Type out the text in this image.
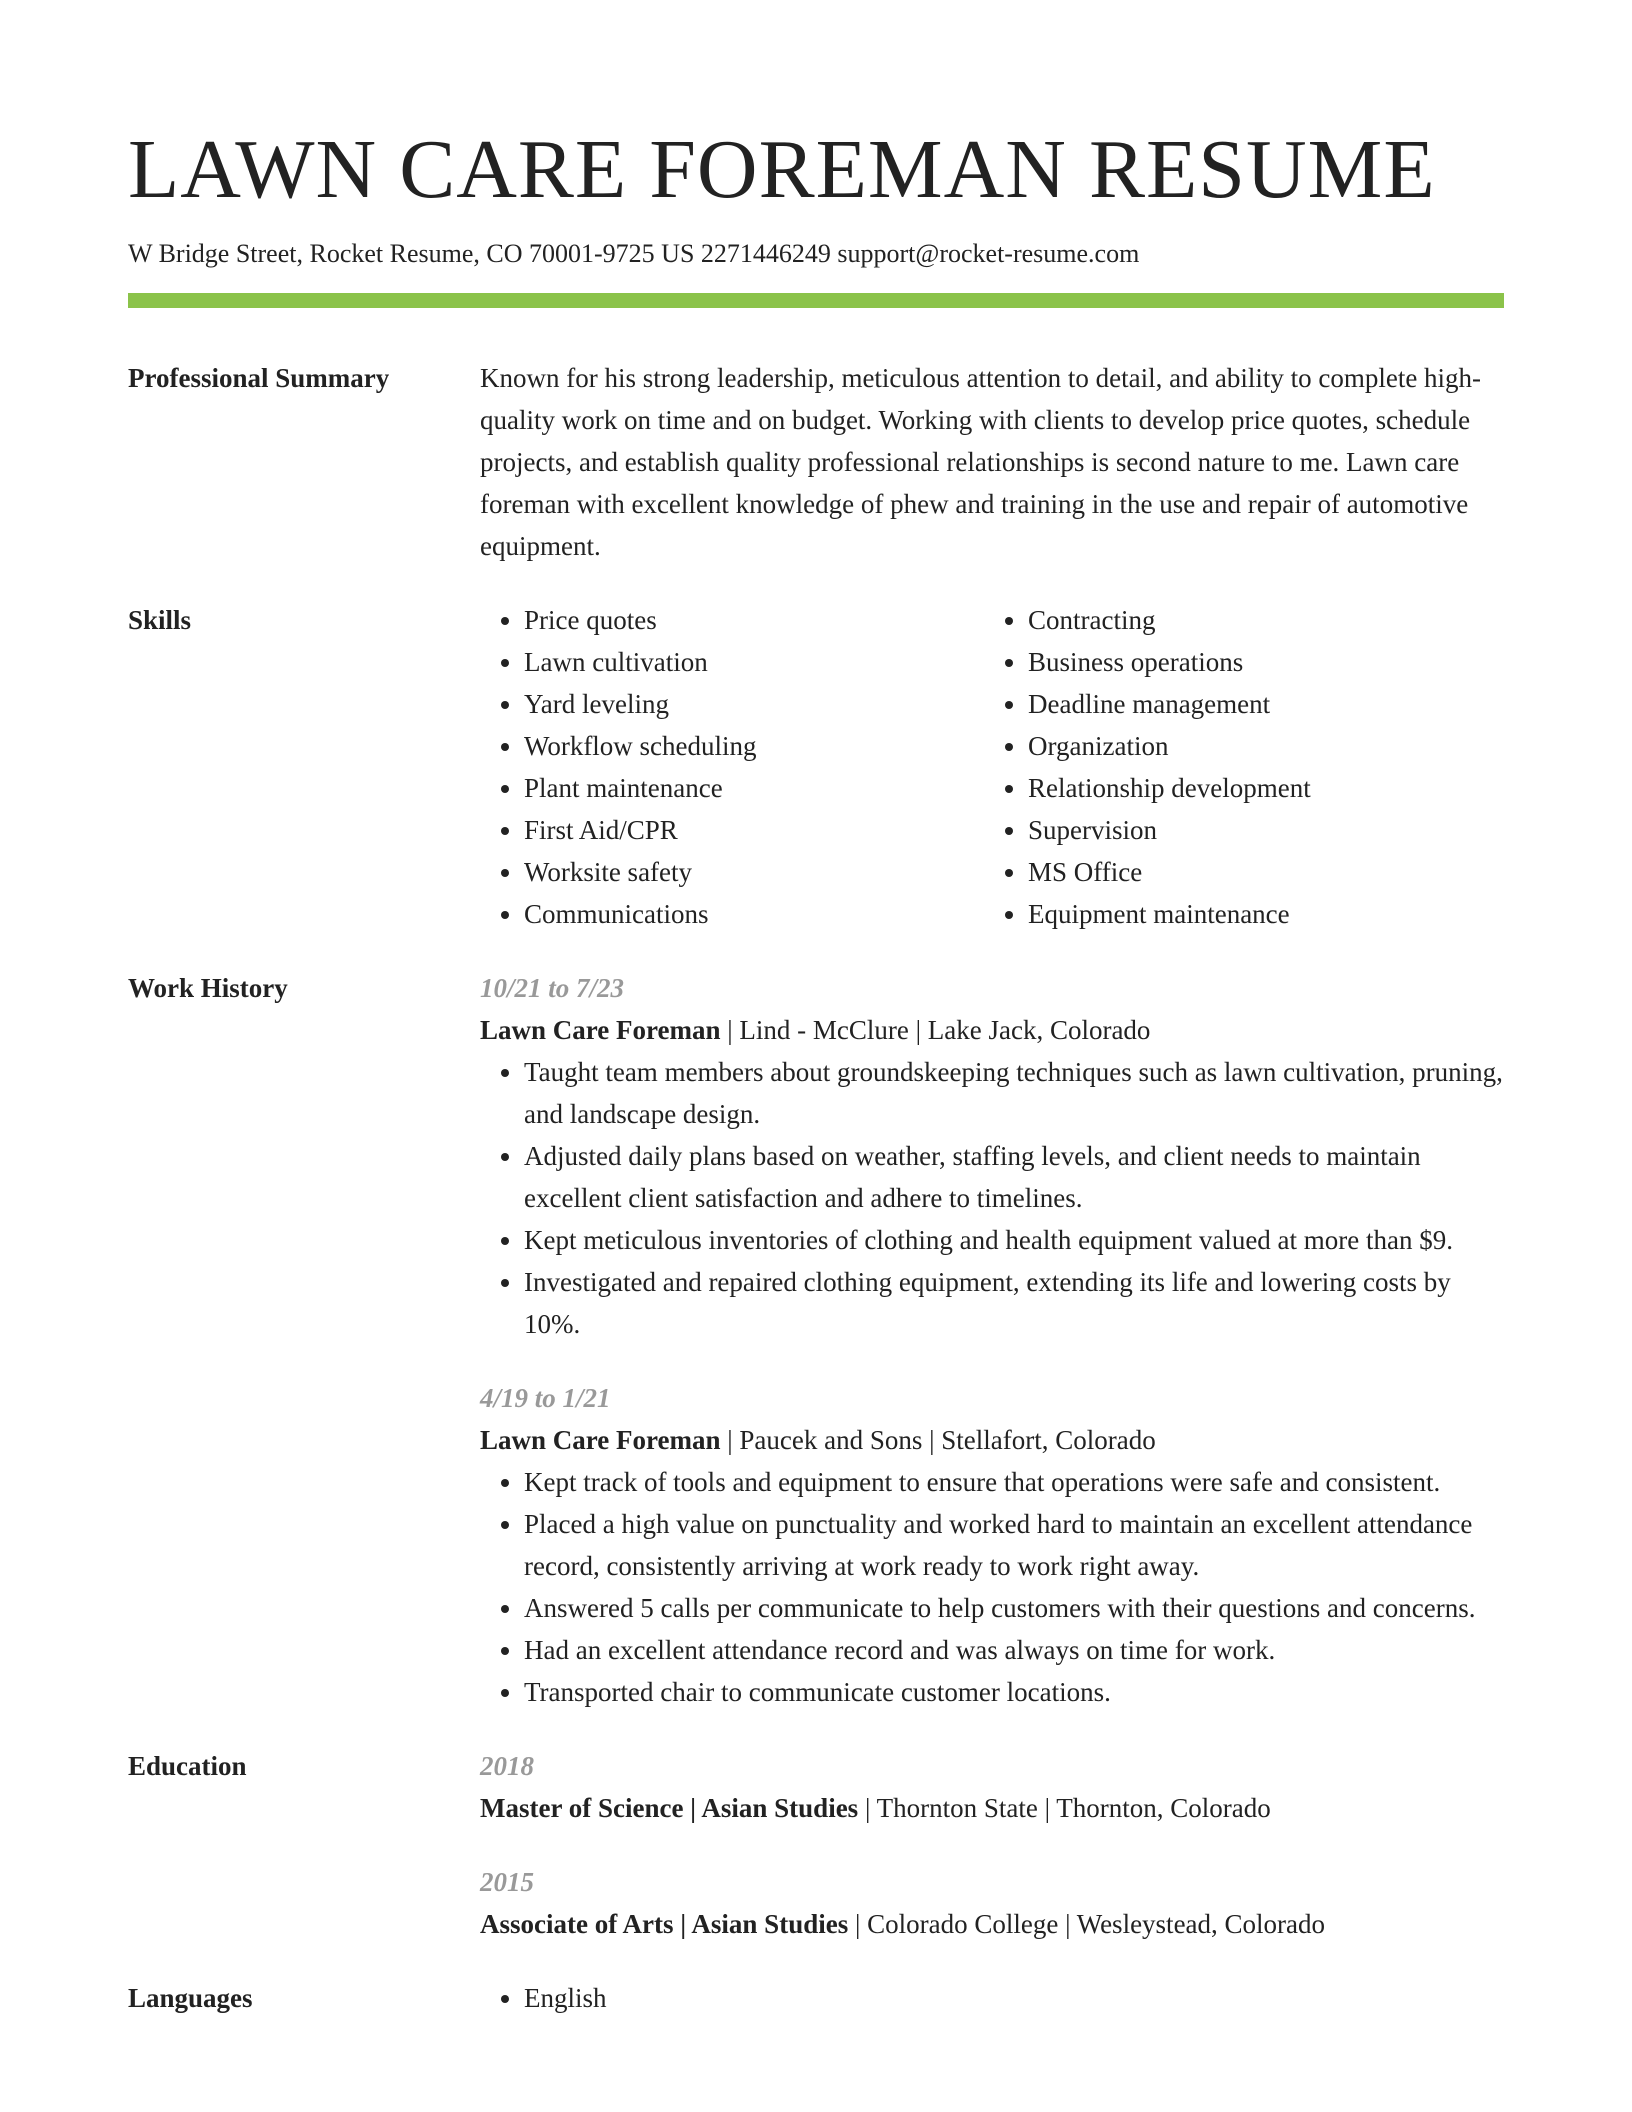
LAWN CARE FOREMAN RESUME
W Bridge Street, Rocket Resume, CO 70001-9725 US 2271446249 support@rocket-resume.com
Professional Summary	Known for his strong leadership, meticulous attention to detail, and ability to complete high-quality work on time and on budget. Working with clients to develop price quotes, schedule projects, and establish quality professional relationships is second nature to me. Lawn care foreman with excellent knowledge of phew and training in the use and repair of automotive equipment.
Skills	• Price quotes
• Lawn cultivation
• Yard leveling
• Workflow scheduling
• Plant maintenance
• First Aid/CPR
• Worksite safety
• Communications
• Contracting
• Business operations
• Deadline management
• Organization
• Relationship development
• Supervision
• MS Office
• Equipment maintenance
Work History	10/21 to 7/23
Lawn Care Foreman | Lind - McClure | Lake Jack, Colorado
• Taught team members about groundskeeping techniques such as lawn cultivation, pruning, and landscape design.
• Adjusted daily plans based on weather, staffing levels, and client needs to maintain excellent client satisfaction and adhere to timelines.
• Kept meticulous inventories of clothing and health equipment valued at more than $9.
• Investigated and repaired clothing equipment, extending its life and lowering costs by 10%.
4/19 to 1/21
Lawn Care Foreman | Paucek and Sons | Stellafort, Colorado
• Kept track of tools and equipment to ensure that operations were safe and consistent.
• Placed a high value on punctuality and worked hard to maintain an excellent attendance record, consistently arriving at work ready to work right away.
• Answered 5 calls per communicate to help customers with their questions and concerns.
• Had an excellent attendance record and was always on time for work.
• Transported chair to communicate customer locations.
Education	2018
Master of Science | Asian Studies | Thornton State | Thornton, Colorado
2015
Associate of Arts | Asian Studies | Colorado College | Wesleystead, Colorado
Languages	• English
